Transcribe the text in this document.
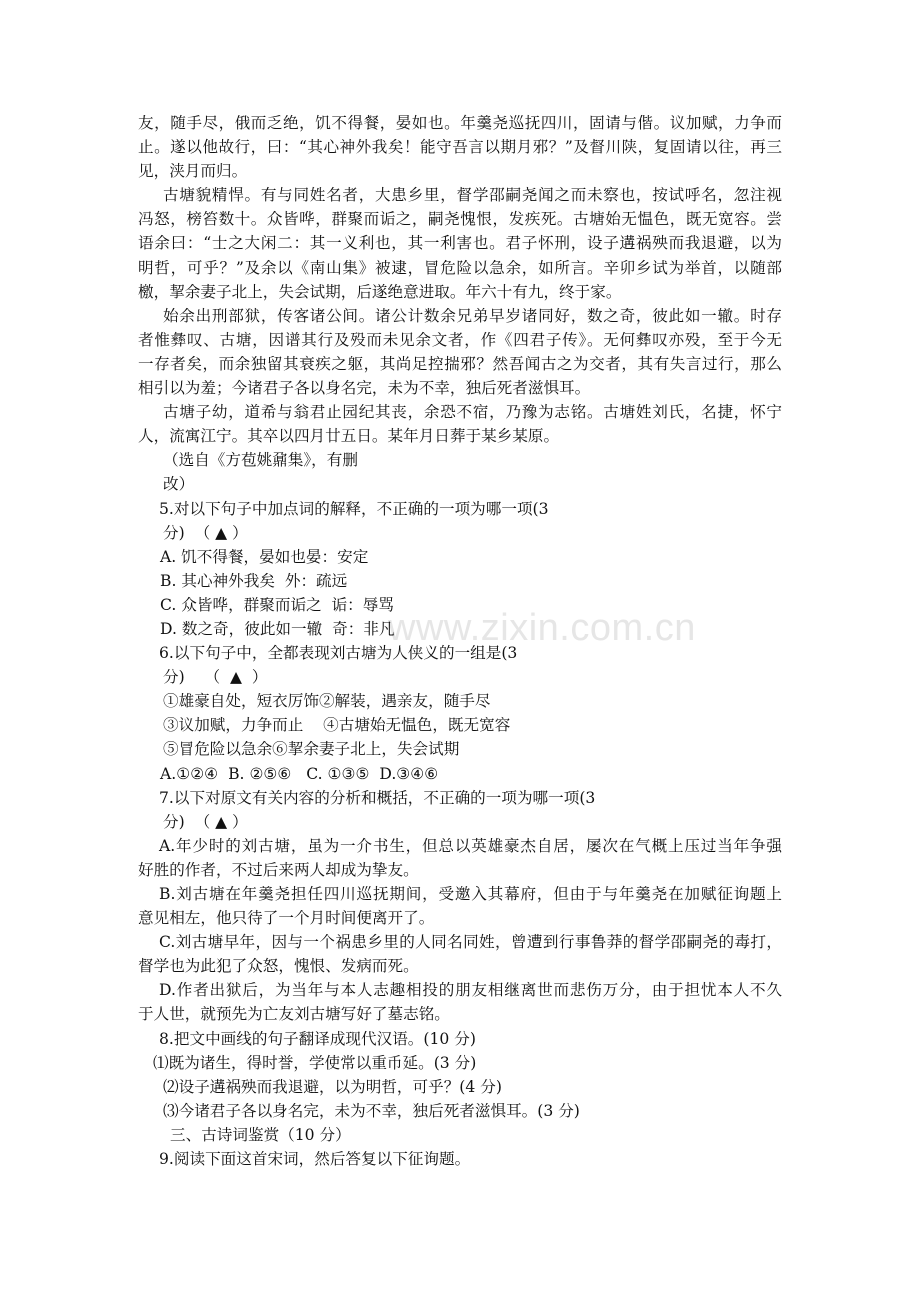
www.zixin.com.cn
友，随手尽，俄而乏绝，饥不得餐，晏如也。年羹尧巡抚四川，固请与偕。议加赋，力争而
止。遂以他故行，曰：“其心神外我矣！能守吾言以期月邪？”及督川陕，复固请以往，再三
见，浃月而归。
古塘貌精悍。有与同姓名者，大患乡里，督学邵嗣尧闻之而未察也，按试呼名，忽注视
冯怒，榜笞数十。众皆哗，群聚而诟之，嗣尧愧恨，发疾死。古塘始无愠色，既无宽容。尝
语余曰：“士之大闲二：其一义利也，其一利害也。君子怀刑，设子遘祸殃而我退避，以为
明哲，可乎？”及余以《南山集》被逮，冒危险以急余，如所言。辛卯乡试为举首，以随部
檄，挈余妻子北上，失会试期，后遂绝意进取。年六十有九，终于家。
始余出刑部狱，传客诸公间。诸公计数余兄弟早岁诸同好，数之奇，彼此如一辙。时存
者惟彝叹、古塘，因谱其行及殁而未见余文者，作《四君子传》。无何彝叹亦殁，至于今无
一存者矣，而余独留其衰疾之躯，其尚足控揣邪？然吾闻古之为交者，其有失言过行，那么
相引以为羞；今诸君子各以身名完，未为不幸，独后死者滋惧耳。
古塘子幼，道希与翁君止园纪其丧，余恐不宿，乃豫为志铭。古塘姓刘氏，名捷，怀宁
人，流寓江宁。其卒以四月廿五日。某年月日葬于某乡某原。
（选自《方苞姚鼐集》，有删
改）
5.对以下句子中加点词的解释，不正确的一项为哪一项(3
分)  （ ▲ ）
A. 饥不得餐，晏如也晏：安定
B. 其心神外我矣  外：疏远
C. 众皆哗，群聚而诟之  诟：辱骂
D. 数之奇，彼此如一辙  奇：非凡
6.以下句子中，全都表现刘古塘为人侠义的一组是(3
分)    （  ▲  ）
①雄豪自处，短衣厉饰②解装，遇亲友，随手尽
③议加赋，力争而止    ④古塘始无愠色，既无宽容
⑤冒危险以急余⑥挈余妻子北上，失会试期
A.①②④  B. ②⑤⑥   C. ①③⑤  D.③④⑥
7.以下对原文有关内容的分析和概括，不正确的一项为哪一项(3
分)  （ ▲ ）
A.年少时的刘古塘，虽为一介书生，但总以英雄豪杰自居，屡次在气概上压过当年争强
好胜的作者，不过后来两人却成为挚友。
B.刘古塘在年羹尧担任四川巡抚期间，受邀入其幕府，但由于与年羹尧在加赋征询题上
意见相左，他只待了一个月时间便离开了。
C.刘古塘早年，因与一个祸患乡里的人同名同姓，曾遭到行事鲁莽的督学邵嗣尧的毒打，
督学也为此犯了众怒，愧恨、发病而死。
D.作者出狱后，为当年与本人志趣相投的朋友相继离世而悲伤万分，由于担忧本人不久
于人世，就预先为亡友刘古塘写好了墓志铭。
8.把文中画线的句子翻译成现代汉语。(10 分)
⑴既为诸生，得时誉，学使常以重币延。(3 分)
⑵设子遘祸殃而我退避，以为明哲，可乎？(4 分)
⑶今诸君子各以身名完，未为不幸，独后死者滋惧耳。(3 分)
三、古诗词鉴赏（10 分）
9.阅读下面这首宋词，然后答复以下征询题。
